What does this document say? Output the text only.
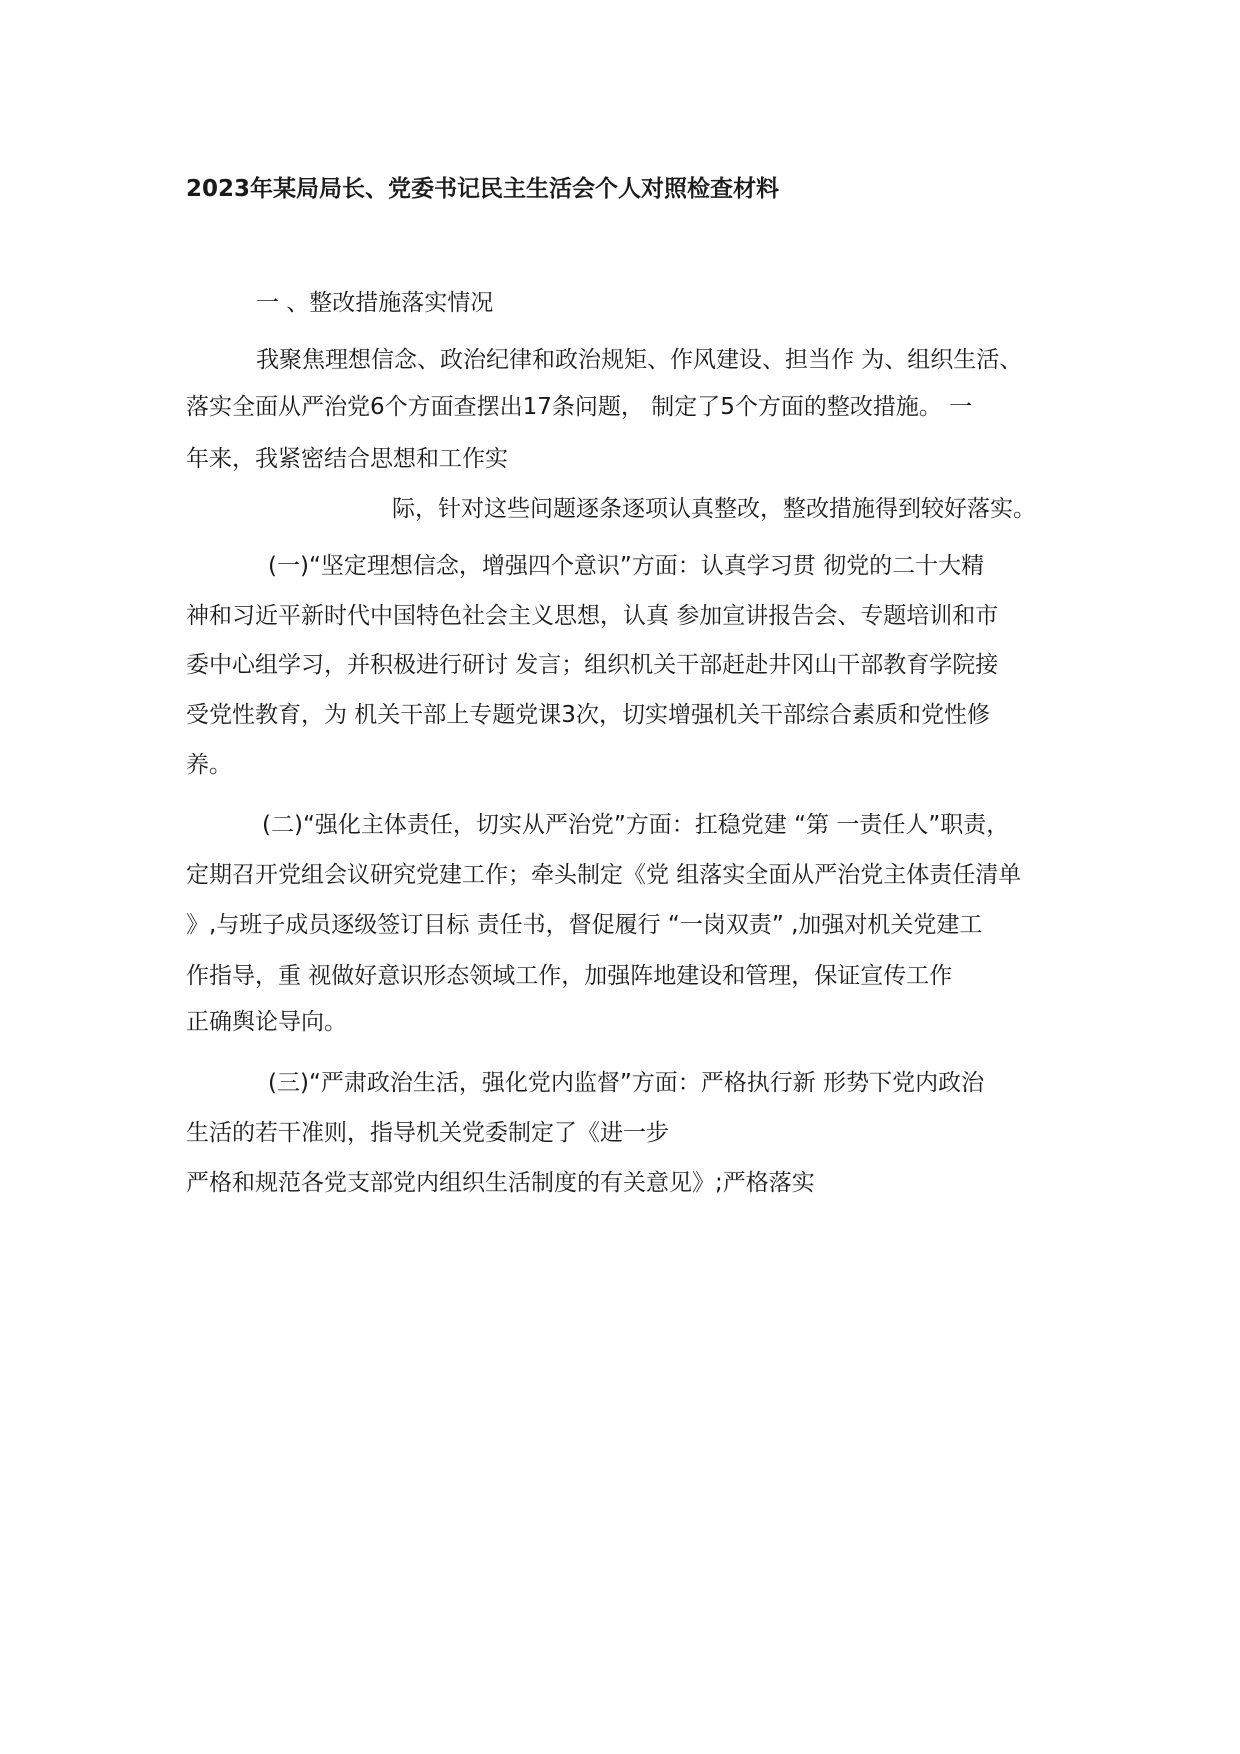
2023年某局局长、党委书记民主生活会个人对照检查材料
一 、整改措施落实情况
我聚焦理想信念、政治纪律和政治规矩、作风建设、担当作 为、组织生活、
落实全面从严治党6个方面查摆出17条问题， 制定了5个方面的整改措施。 一
年来，我紧密结合思想和工作实
际，针对这些问题逐条逐项认真整改，整改措施得到较好落实。
(一)“坚定理想信念，增强四个意识”方面：认真学习贯 彻党的二十大精
神和习近平新时代中国特色社会主义思想，认真 参加宣讲报告会、专题培训和市
委中心组学习，并积极进行研讨 发言；组织机关干部赶赴井冈山干部教育学院接
受党性教育，为 机关干部上专题党课3次，切实增强机关干部综合素质和党性修
养。
(二)“强化主体责任，切实从严治党”方面：扛稳党建 “第 一责任人”职责，
定期召开党组会议研究党建工作；牵头制定《党 组落实全面从严治党主体责任清单
》,与班子成员逐级签订目标 责任书，督促履行 “一岗双责” ,加强对机关党建工
作指导，重 视做好意识形态领域工作，加强阵地建设和管理，保证宣传工作
正确舆论导向。
(三)“严肃政治生活，强化党内监督”方面：严格执行新 形势下党内政治
生活的若干准则，指导机关党委制定了《进一步
严格和规范各党支部党内组织生活制度的有关意见》;严格落实
